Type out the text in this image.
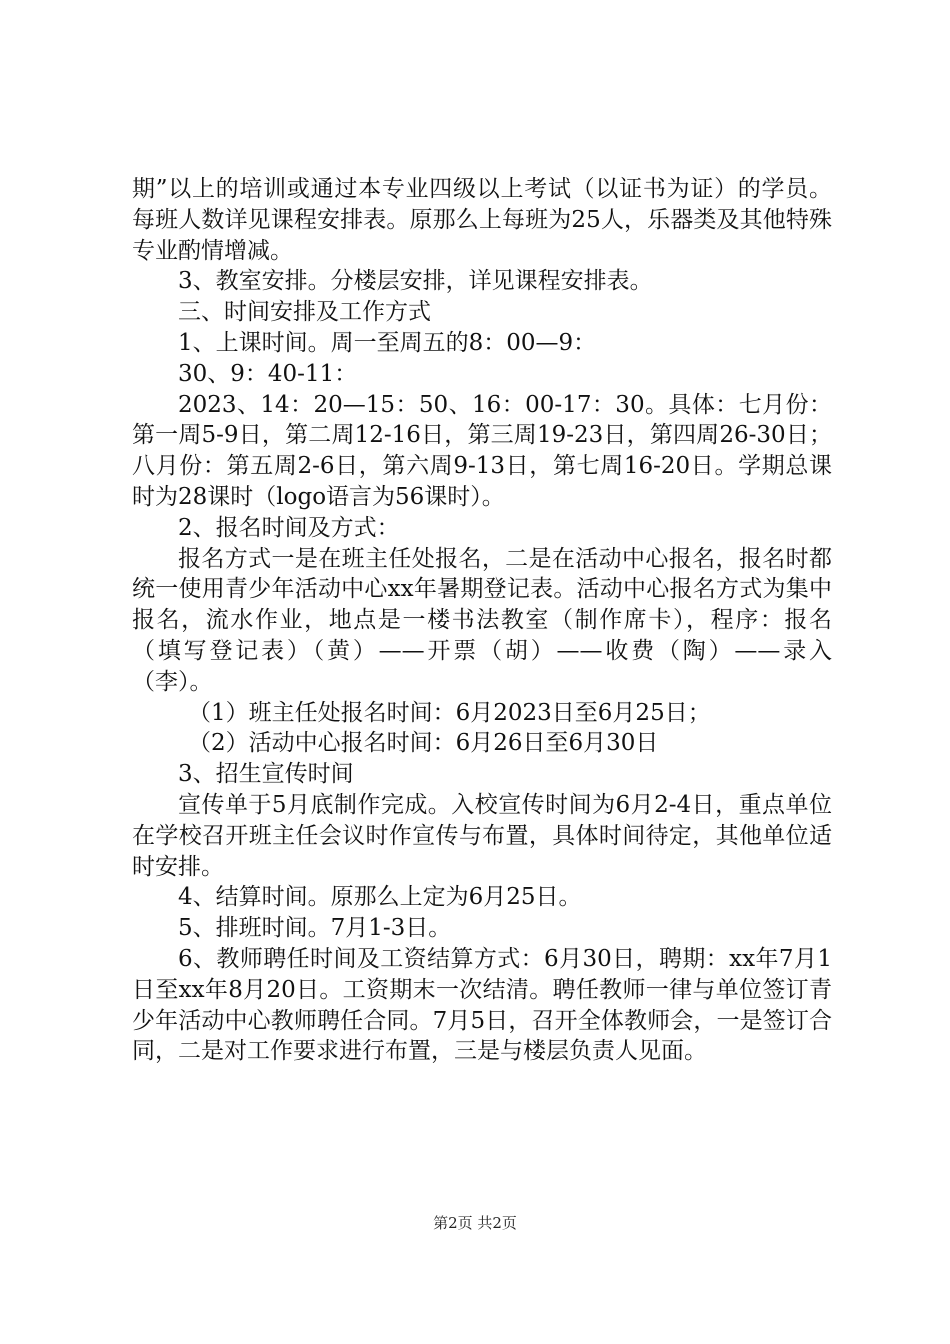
期”以上的培训或通过本专业四级以上考试（以证书为证）的学员。每班人数详见课程安排表。原那么上每班为25人，乐器类及其他特殊专业酌情增减。

3、教室安排。分楼层安排，详见课程安排表。

三、时间安排及工作方式

1、上课时间。周一至周五的8：00—9：

30、9：40-11：

2023、14：20—15：50、16：00-17：30。具体：七月份：第一周5-9日，第二周12-16日，第三周19-23日，第四周26-30日；八月份：第五周2-6日，第六周9-13日，第七周16-20日。学期总课时为28课时（logo语言为56课时）。

2、报名时间及方式：

报名方式一是在班主任处报名，二是在活动中心报名，报名时都统一使用青少年活动中心xx年暑期登记表。活动中心报名方式为集中报名，流水作业，地点是一楼书法教室（制作席卡），程序：报名（填写登记表）（黄）——开票（胡）——收费（陶）——录入（李）。

（1）班主任处报名时间：6月2023日至6月25日；

（2）活动中心报名时间：6月26日至6月30日

3、招生宣传时间

宣传单于5月底制作完成。入校宣传时间为6月2-4日，重点单位在学校召开班主任会议时作宣传与布置，具体时间待定，其他单位适时安排。

4、结算时间。原那么上定为6月25日。

5、排班时间。7月1-3日。

6、教师聘任时间及工资结算方式：6月30日，聘期：xx年7月1日至xx年8月20日。工资期末一次结清。聘任教师一律与单位签订青少年活动中心教师聘任合同。7月5日，召开全体教师会，一是签订合同，二是对工作要求进行布置，三是与楼层负责人见面。

第2页 共2页
